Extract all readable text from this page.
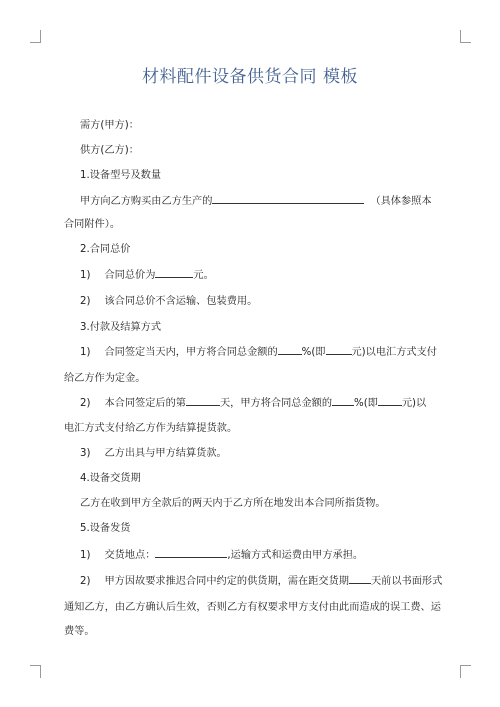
材料配件设备供货合同 模板
需方(甲方)：
供方(乙方)：
1.设备型号及数量
甲方向乙方购买由乙方生产的	（具体参照本
合同附件）。
2.合同总价
1) 合同总价为	元。
2) 该合同总价不含运输、包装费用。
3.付款及结算方式
1) 合同签定当天内，甲方将合同总金额的 %(即	元)以电汇方式支付
给乙方作为定金。
2) 本合同签定后的第	天，甲方将合同总金额的 %(即 元)以
电汇方式支付给乙方作为结算提货款。
3) 乙方出具与甲方结算货款。
4.设备交货期
乙方在收到甲方全款后的两天内于乙方所在地发出本合同所指货物。
5.设备发货
1) 交货地点：	,运输方式和运费由甲方承担。
2) 甲方因故要求推迟合同中约定的供货期，需在距交货期 天前以书面形式
通知乙方，由乙方确认后生效，否则乙方有权要求甲方支付由此而造成的误工费、运
费等。
